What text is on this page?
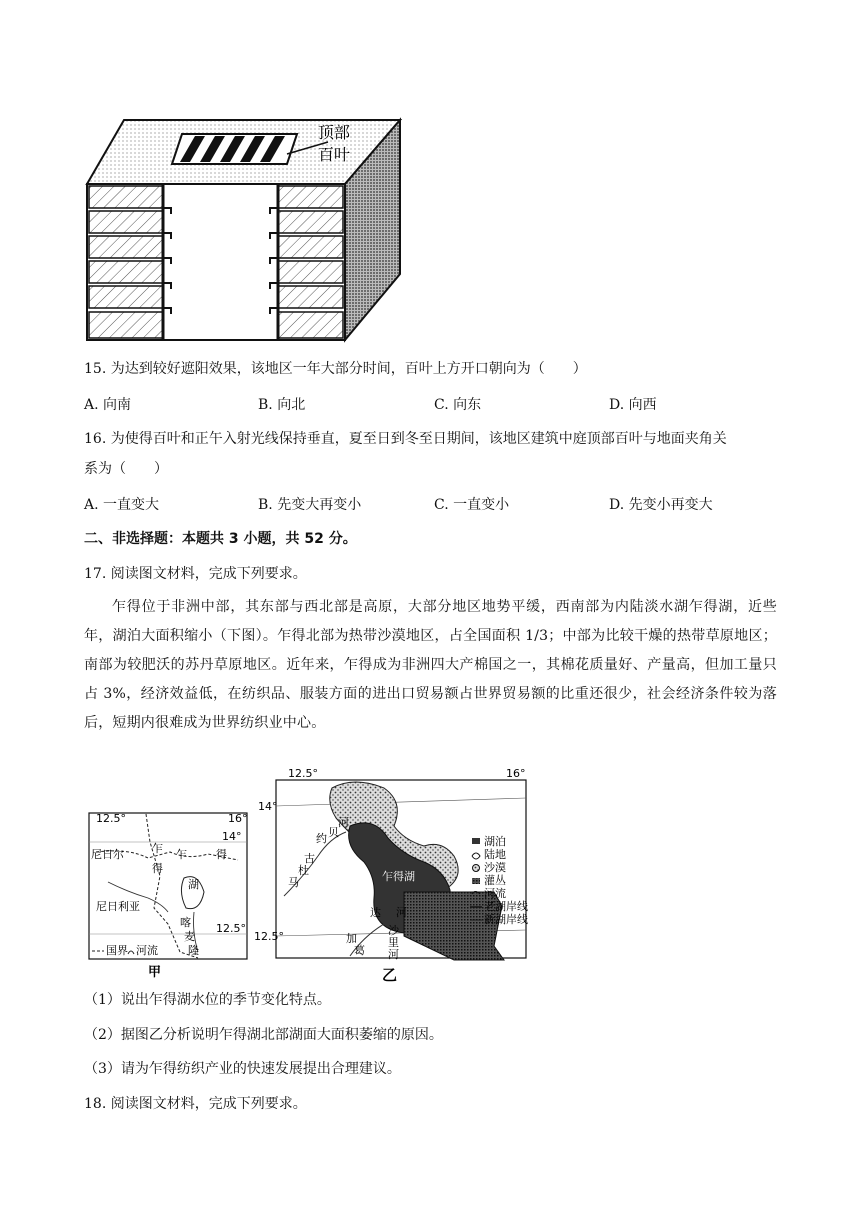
顶部
百叶
15. 为达到较好遮阳效果，该地区一年大部分时间，百叶上方开口朝向为（　　）
A. 向南	B. 向北	C. 向东	D. 向西
16. 为使得百叶和正午入射光线保持垂直，夏至日到冬至日期间，该地区建筑中庭顶部百叶与地面夹角关
系为（　　）
A. 一直变大	B. 先变大再变小	C. 一直变小	D. 先变小再变大
二、非选择题：本题共 3 小题，共 52 分。
17. 阅读图文材料，完成下列要求。

乍得位于非洲中部，其东部与西北部是高原，大部分地区地势平缓，西南部为内陆淡水湖乍得湖，近些年，湖泊大面积缩小（下图）。乍得北部为热带沙漠地区，占全国面积 1/3；中部为比较干燥的热带草原地区；南部为较肥沃的苏丹草原地区。近年来，乍得成为非洲四大产棉国之一，其棉花质量好、产量高，但加工量只占 3%，经济效益低，在纺织品、服装方面的进出口贸易额占世界贸易额的比重还很少，社会经济条件较为落后，短期内很难成为世界纺织业中心。

12.5°	16°
14°
12.5°
尼日尔
尼日利亚
乍
得
乍	得
湖
喀
麦
隆
国界 河流
甲
12.5°	16°
14°
12.5°
乍得湖
约 贝
河
古
杜
马
达 河
加
葛
沙
里
河
湖泊
陆地
沙漠
灌丛
河流
老湖岸线
新湖岸线
乙
（1）说出乍得湖水位的季节变化特点。
（2）据图乙分析说明乍得湖北部湖面大面积萎缩的原因。
（3）请为乍得纺织产业的快速发展提出合理建议。
18. 阅读图文材料，完成下列要求。
